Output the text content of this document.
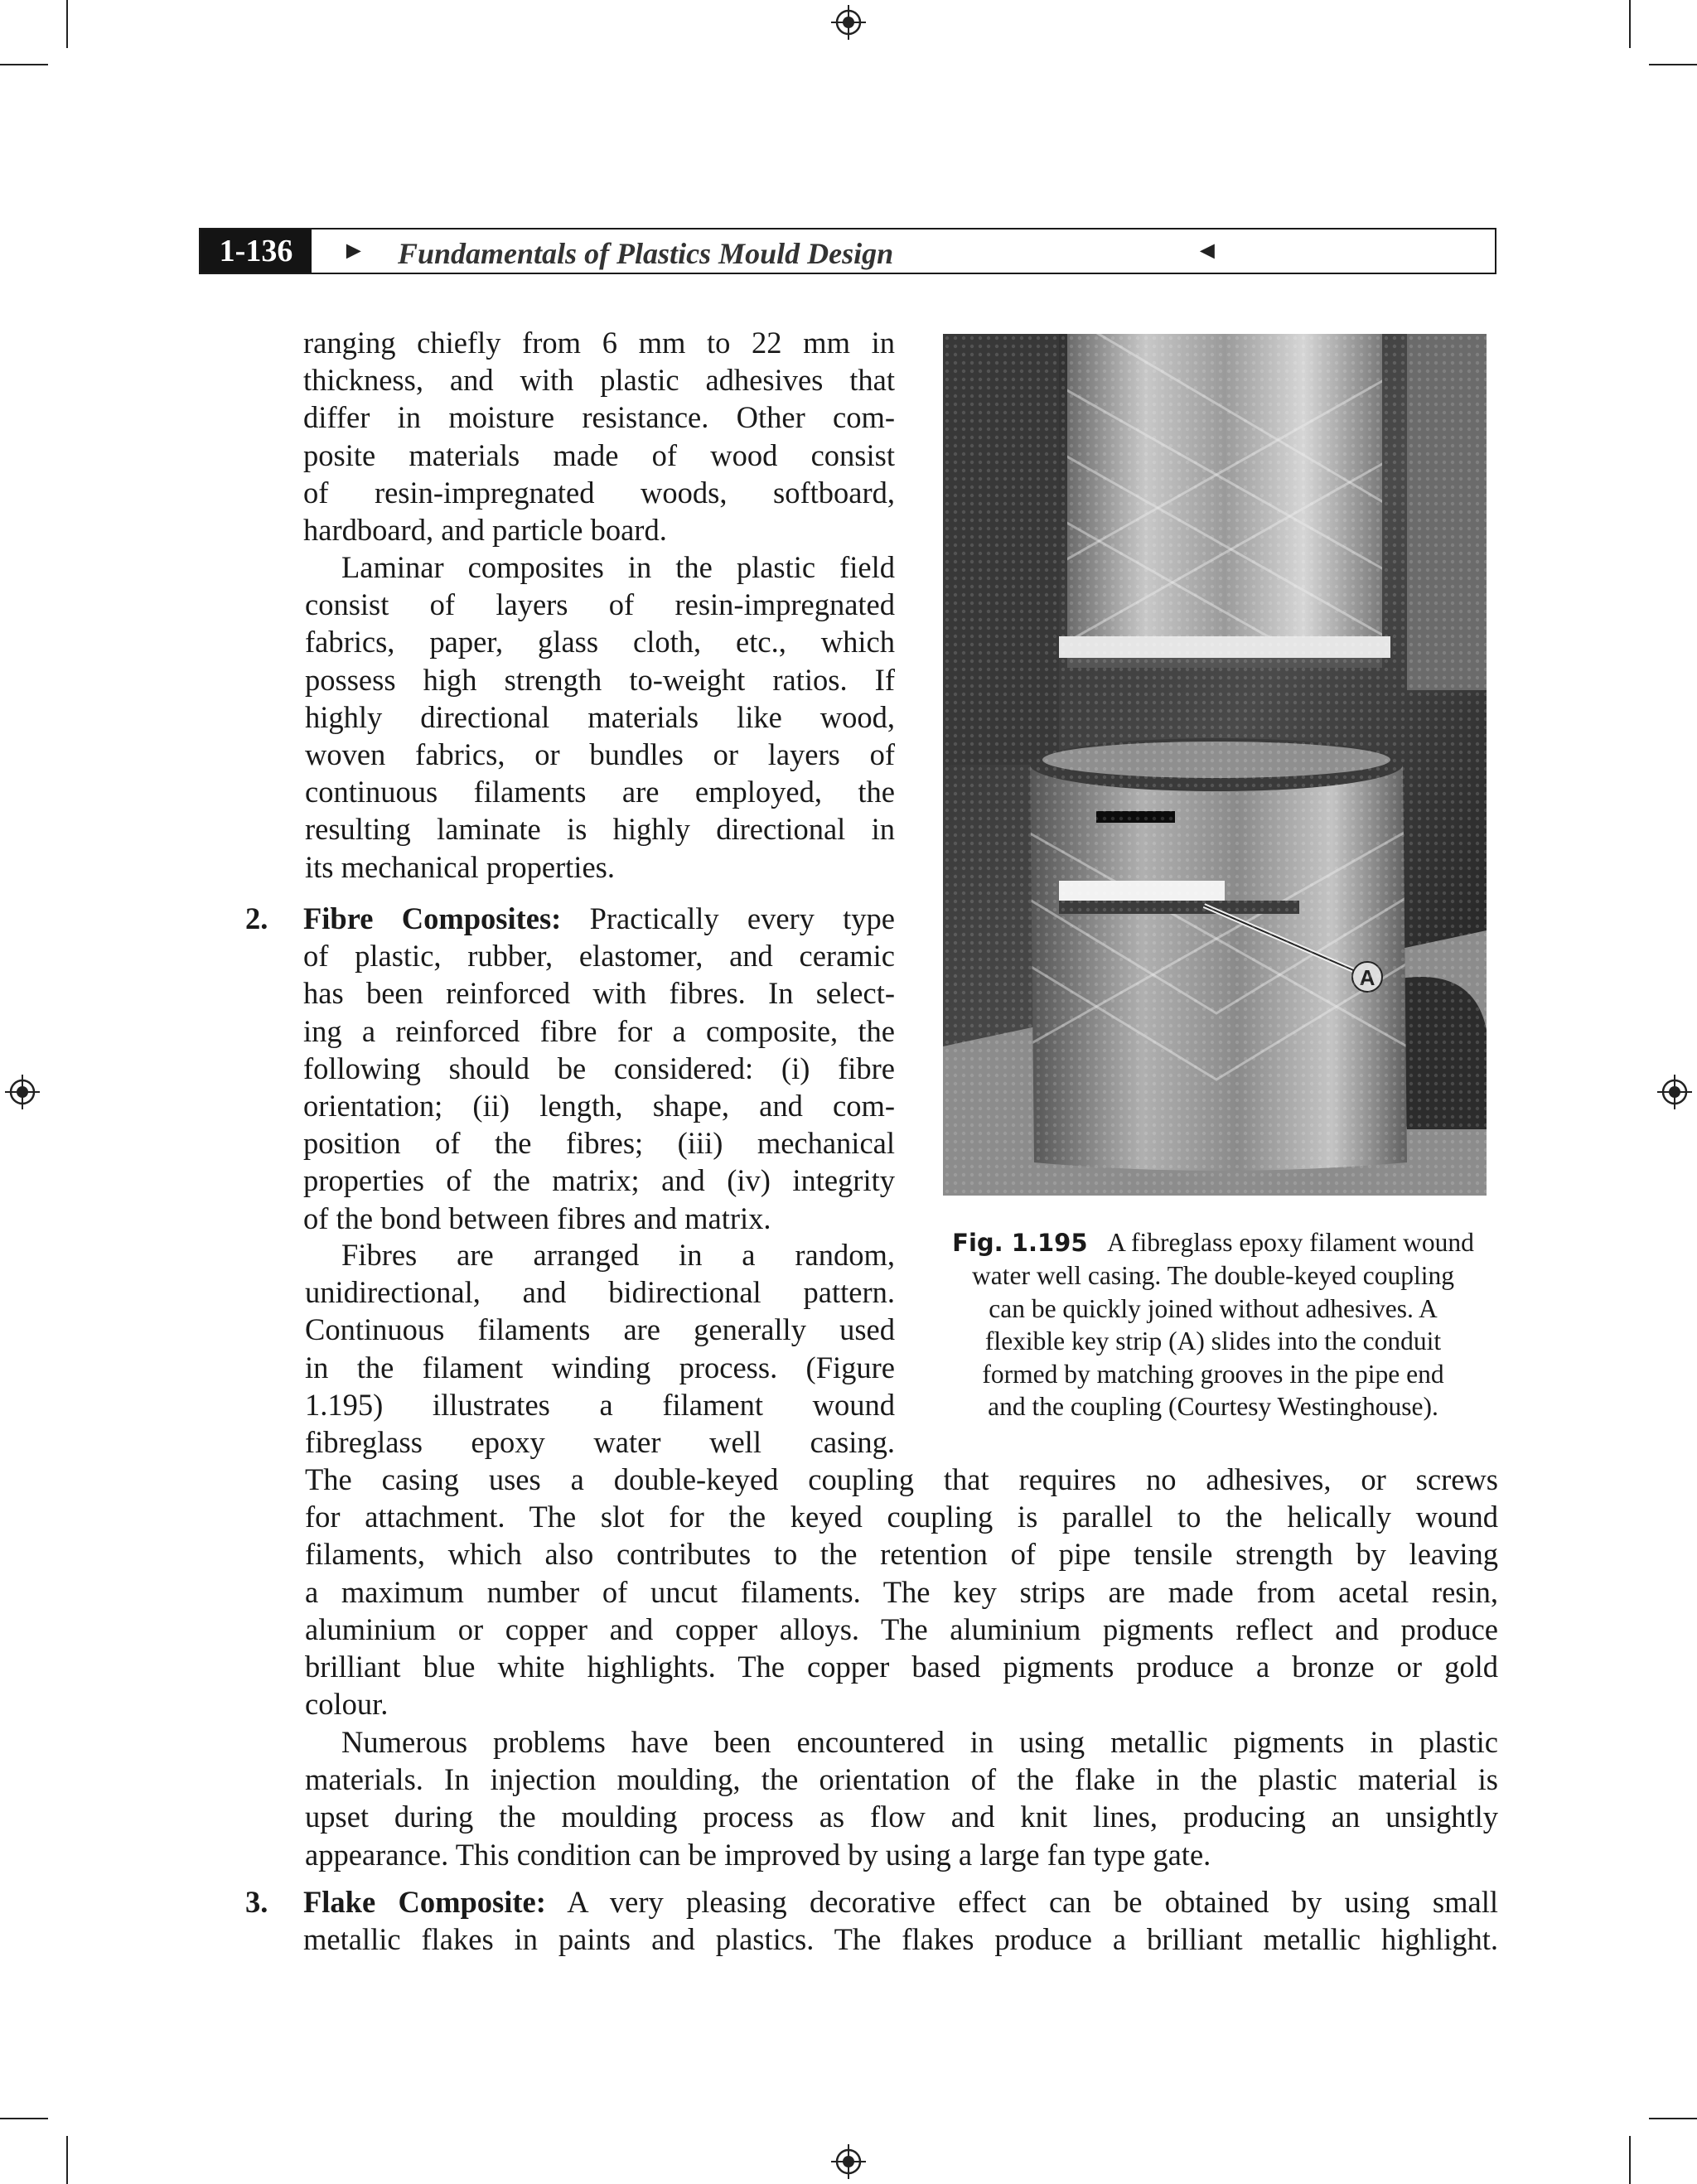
1-136	► Fundamentals of Plastics Mould Design	◄
ranging chiefly from 6 mm to 22 mm in
thickness, and with plastic adhesives that
differ in moisture resistance. Other com-
posite materials made of wood consist
of resin-impregnated woods, softboard,
hardboard, and particle board.
Laminar composites in the plastic field
consist of layers of resin-impregnated
fabrics, paper, glass cloth, etc., which
possess high strength to-weight ratios. If
highly directional materials like wood,
woven fabrics, or bundles or layers of
continuous filaments are employed, the
resulting laminate is highly directional in
its mechanical properties.
2. Fibre Composites: Practically every type
of plastic, rubber, elastomer, and ceramic
has been reinforced with fibres. In select-
ing a reinforced fibre for a composite, the
following should be considered: (i) fibre
orientation; (ii) length, shape, and com-
position of the fibres; (iii) mechanical
properties of the matrix; and (iv) integrity
of the bond between fibres and matrix.
Fibres are arranged in a random,
unidirectional, and bidirectional pattern.
Continuous filaments are generally used
in the filament winding process. (Figure
1.195) illustrates a filament wound
fibreglass epoxy water well casing.
The casing uses a double-keyed coupling that requires no adhesives, or screws
for attachment. The slot for the keyed coupling is parallel to the helically wound
filaments, which also contributes to the retention of pipe tensile strength by leaving
a maximum number of uncut filaments. The key strips are made from acetal resin,
aluminium or copper and copper alloys. The aluminium pigments reflect and produce
brilliant blue white highlights. The copper based pigments produce a bronze or gold
colour.
Numerous problems have been encountered in using metallic pigments in plastic
materials. In injection moulding, the orientation of the flake in the plastic material is
upset during the moulding process as flow and knit lines, producing an unsightly
appearance. This condition can be improved by using a large fan type gate.
3. Flake Composite: A very pleasing decorative effect can be obtained by using small
metallic flakes in paints and plastics. The flakes produce a brilliant metallic highlight.
Fig. 1.195 A fibreglass epoxy filament wound
water well casing. The double-keyed coupling
can be quickly joined without adhesives. A
flexible key strip (A) slides into the conduit
formed by matching grooves in the pipe end
and the coupling (Courtesy Westinghouse).
